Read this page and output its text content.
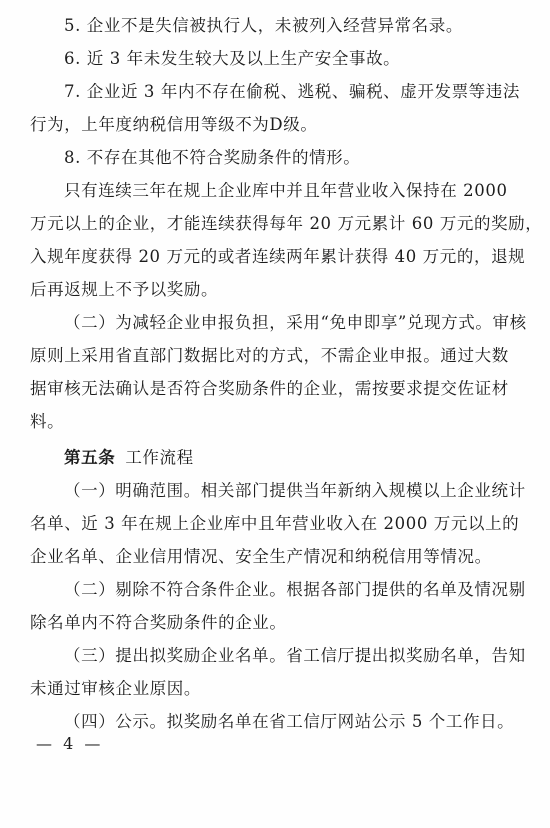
5. 企业不是失信被执行人，未被列入经营异常名录。
6. 近 3 年未发生较大及以上生产安全事故。
7. 企业近 3 年内不存在偷税、逃税、骗税、虚开发票等违法
行为，上年度纳税信用等级不为D级。
8. 不存在其他不符合奖励条件的情形。
只有连续三年在规上企业库中并且年营业收入保持在 2000
万元以上的企业，才能连续获得每年 20 万元累计 60 万元的奖励，
入规年度获得 20 万元的或者连续两年累计获得 40 万元的，退规
后再返规上不予以奖励。
（二）为减轻企业申报负担，采用“免申即享”兑现方式。审核
原则上采用省直部门数据比对的方式，不需企业申报。通过大数
据审核无法确认是否符合奖励条件的企业，需按要求提交佐证材
料。
第五条 工作流程
（一）明确范围。相关部门提供当年新纳入规模以上企业统计
名单、近 3 年在规上企业库中且年营业收入在 2000 万元以上的
企业名单、企业信用情况、安全生产情况和纳税信用等情况。
（二）剔除不符合条件企业。根据各部门提供的名单及情况剔
除名单内不符合奖励条件的企业。
（三）提出拟奖励企业名单。省工信厅提出拟奖励名单，告知
未通过审核企业原因。
（四）公示。拟奖励名单在省工信厅网站公示 5 个工作日。
— 4 —
